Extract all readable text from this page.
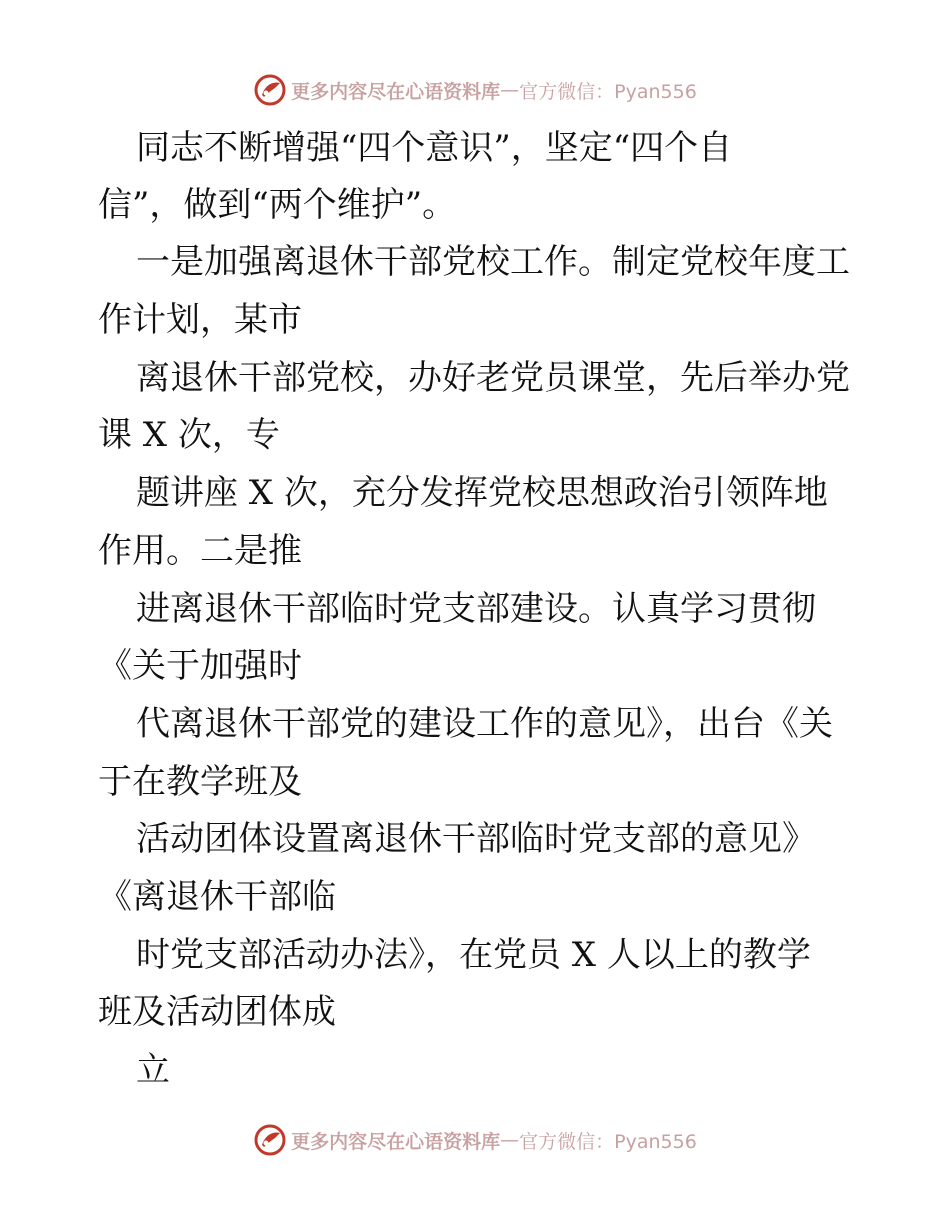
更多内容尽在心语资料库 — 官方微信：Pyan556
同志不断增强“四个意识”，坚定“四个自
信”，做到“两个维护”。
一是加强离退休干部党校工作。制定党校年度工
作计划，某市
离退休干部党校，办好老党员课堂，先后举办党
课 X 次，专
题讲座 X 次，充分发挥党校思想政治引领阵地
作用。二是推
进离退休干部临时党支部建设。认真学习贯彻
《关于加强时
代离退休干部党的建设工作的意见》，出台《关
于在教学班及
活动团体设置离退休干部临时党支部的意见》
《离退休干部临
时党支部活动办法》，在党员 X 人以上的教学
班及活动团体成
立
更多内容尽在心语资料库 — 官方微信：Pyan556
